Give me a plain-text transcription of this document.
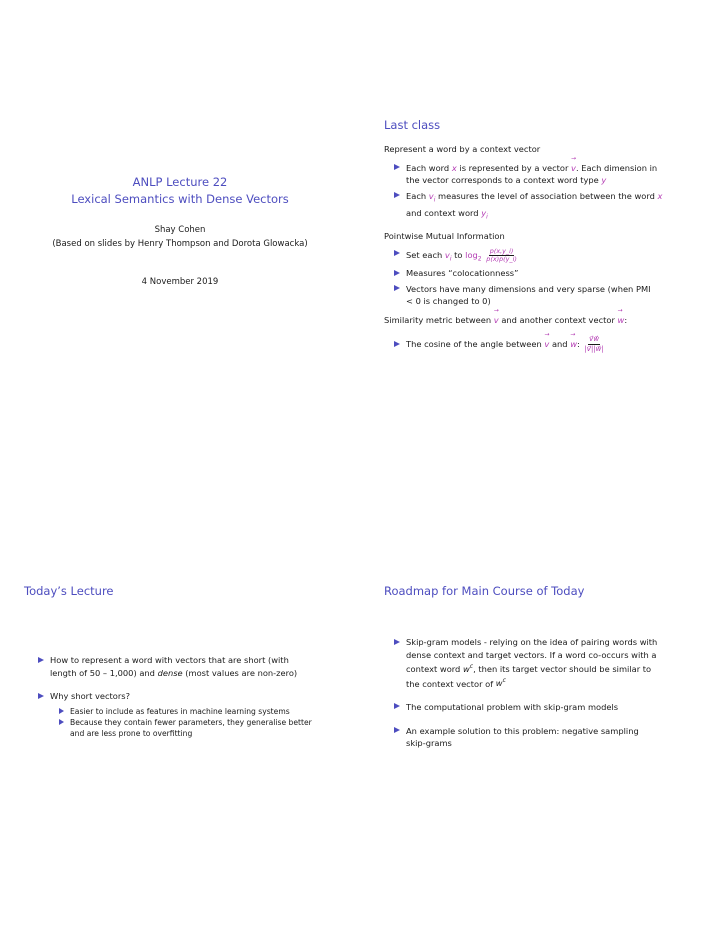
ANLP Lecture 22
Lexical Semantics with Dense Vectors
Shay Cohen
(Based on slides by Henry Thompson and Dorota Glowacka)
4 November 2019
Last class

Represent a word by a context vector

Each word x is represented by a vector → v. Each dimension in
the vector corresponds to a context word type y
Each $v_i$ measures the level of association between the word x
and context word $y_i$

Pointwise Mutual Information

Set each $v_i$ to $\log_2 \frac{p(x,y\_i)}{p(x)p(y\_i)}$
Measures “colocationness”
Vectors have many dimensions and very sparse (when PMI
< 0 is changed to 0)

Similarity metric between → v and another context vector → w:

The cosine of the angle between → v and → w: $\frac{v⃗w⃗}{|v⃗||w⃗|}$
Today’s Lecture
How to represent a word with vectors that are short (with
length of 50 – 1,000) and dense (most values are non-zero)
Why short vectors?
Easier to include as features in machine learning systems
Because they contain fewer parameters, they generalise better
and are less prone to overfitting
Roadmap for Main Course of Today
Skip-gram models - relying on the idea of pairing words with
dense context and target vectors. If a word co-occurs with a
context word $w^c$, then its target vector should be similar to
the context vector of $w^c$
The computational problem with skip-gram models
An example solution to this problem: negative sampling
skip-grams
